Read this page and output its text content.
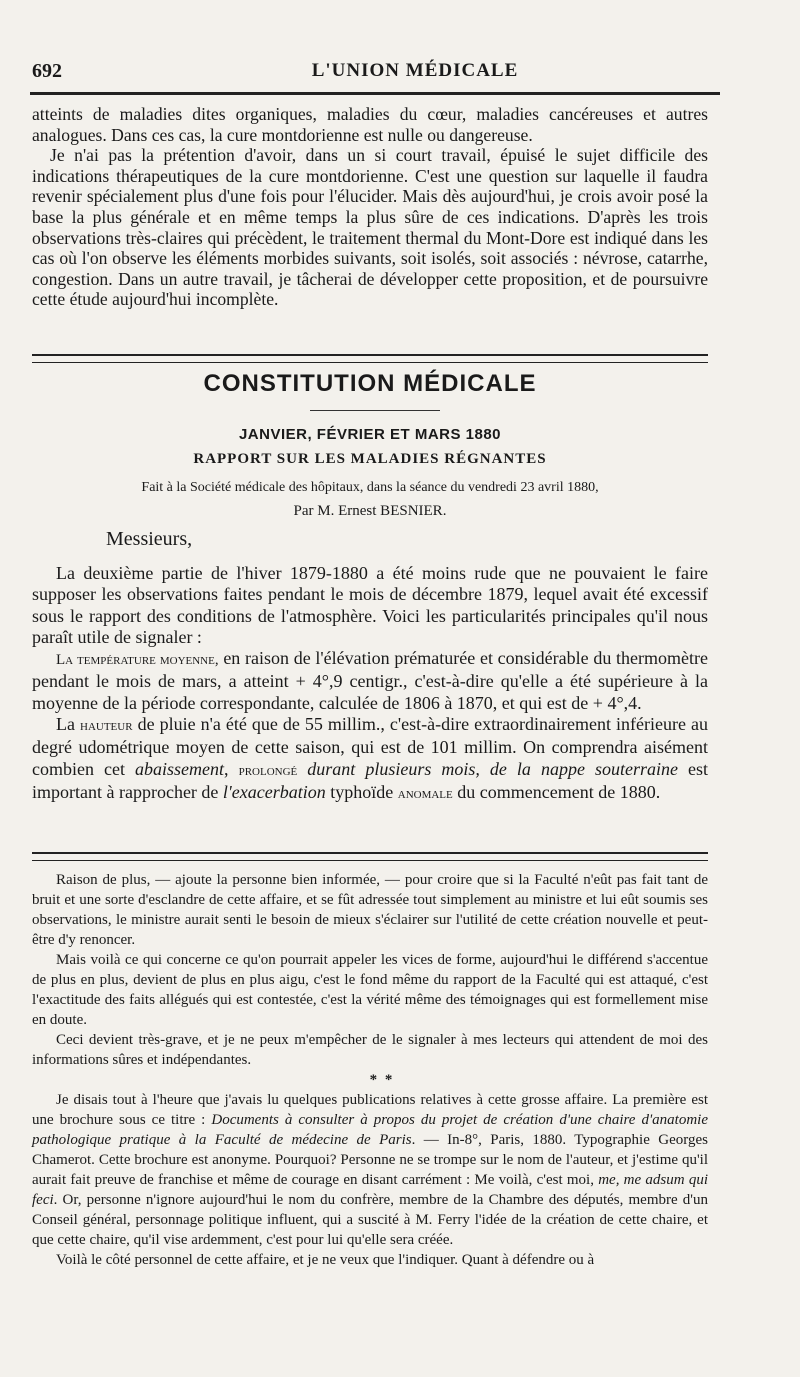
692	L'UNION MÉDICALE

atteints de maladies dites organiques, maladies du cœur, maladies cancéreuses et autres analogues. Dans ces cas, la cure montdorienne est nulle ou dangereuse.

Je n'ai pas la prétention d'avoir, dans un si court travail, épuisé le sujet difficile des indications thérapeutiques de la cure montdorienne. C'est une question sur laquelle il faudra revenir spécialement plus d'une fois pour l'élucider. Mais dès aujourd'hui, je crois avoir posé la base la plus générale et en même temps la plus sûre de ces indications. D'après les trois observations très-claires qui précèdent, le traitement thermal du Mont-Dore est indiqué dans les cas où l'on observe les éléments morbides suivants, soit isolés, soit associés : névrose, catarrhe, congestion. Dans un autre travail, je tâcherai de développer cette proposition, et de poursuivre cette étude aujourd'hui incomplète.

CONSTITUTION MÉDICALE
JANVIER, FÉVRIER ET MARS 1880
RAPPORT SUR LES MALADIES RÉGNANTES
Fait à la Société médicale des hôpitaux, dans la séance du vendredi 23 avril 1880,
Par M. Ernest BESNIER.
Messieurs,

La deuxième partie de l'hiver 1879-1880 a été moins rude que ne pouvaient le faire supposer les observations faites pendant le mois de décembre 1879, lequel avait été excessif sous le rapport des conditions de l'atmosphère. Voici les particularités principales qu'il nous paraît utile de signaler :

La température moyenne, en raison de l'élévation prématurée et considérable du thermomètre pendant le mois de mars, a atteint + 4°,9 centigr., c'est-à-dire qu'elle a été supérieure à la moyenne de la période correspondante, calculée de 1806 à 1870, et qui est de + 4°,4.

La hauteur de pluie n'a été que de 55 millim., c'est-à-dire extraordinairement inférieure au degré udométrique moyen de cette saison, qui est de 101 millim. On comprendra aisément combien cet abaissement, prolongé durant plusieurs mois, de la nappe souterraine est important à rapprocher de l'exacerbation typhoïde anomale du commencement de 1880.

Raison de plus, — ajoute la personne bien informée, — pour croire que si la Faculté n'eût pas fait tant de bruit et une sorte d'esclandre de cette affaire, et se fût adressée tout simplement au ministre et lui eût soumis ses observations, le ministre aurait senti le besoin de mieux s'éclairer sur l'utilité de cette création nouvelle et peut-être d'y renoncer.

Mais voilà ce qui concerne ce qu'on pourrait appeler les vices de forme, aujourd'hui le différend s'accentue de plus en plus, devient de plus en plus aigu, c'est le fond même du rapport de la Faculté qui est attaqué, c'est l'exactitude des faits allégués qui est contestée, c'est la vérité même des témoignages qui est formellement mise en doute.

Ceci devient très-grave, et je ne peux m'empêcher de le signaler à mes lecteurs qui attendent de moi des informations sûres et indépendantes.

* *

Je disais tout à l'heure que j'avais lu quelques publications relatives à cette grosse affaire. La première est une brochure sous ce titre : Documents à consulter à propos du projet de création d'une chaire d'anatomie pathologique pratique à la Faculté de médecine de Paris. — In-8°, Paris, 1880. Typographie Georges Chamerot. Cette brochure est anonyme. Pourquoi? Personne ne se trompe sur le nom de l'auteur, et j'estime qu'il aurait fait preuve de franchise et même de courage en disant carrément : Me voilà, c'est moi, me, me adsum qui feci. Or, personne n'ignore aujourd'hui le nom du confrère, membre de la Chambre des députés, membre d'un Conseil général, personnage politique influent, qui a suscité à M. Ferry l'idée de la création de cette chaire, et que cette chaire, qu'il vise ardemment, c'est pour lui qu'elle sera créée.

Voilà le côté personnel de cette affaire, et je ne veux que l'indiquer. Quant à défendre ou à
